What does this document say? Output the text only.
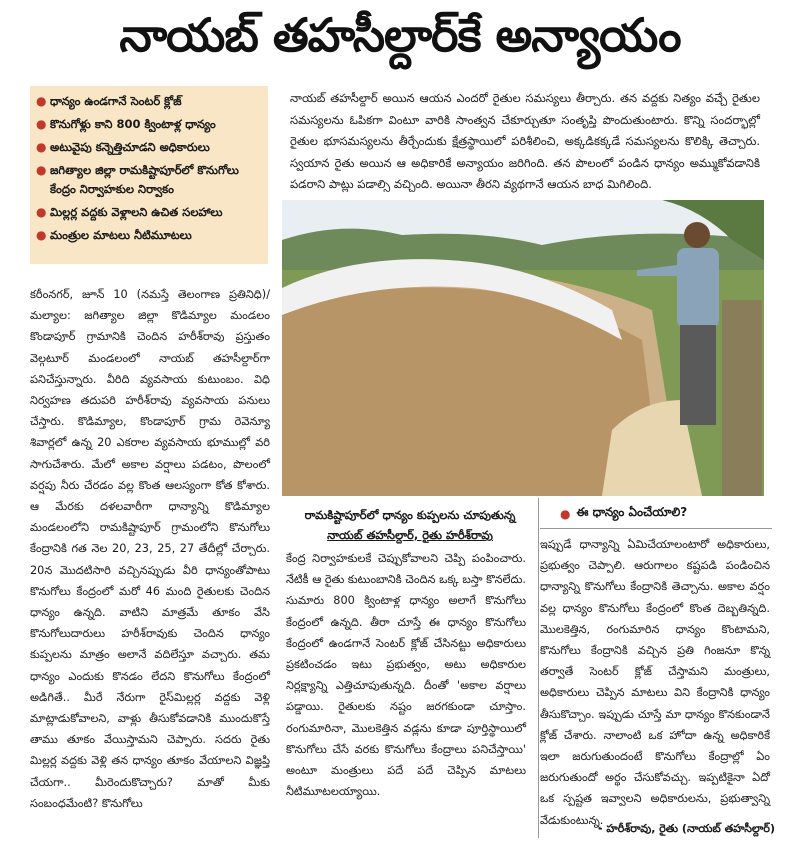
నాయబ్ తహసీల్దార్‌కే అన్యాయం
● ధాన్యం ఉండగానే సెంటర్ క్లోజ్
● కొనుగోళ్లు కాని 800 క్వింటాళ్ల ధాన్యం
● అటువైపు కన్నెత్తిచూడని అధికారులు
● జగిత్యాల జిల్లా రామకిష్టాపూర్‌లో కొనుగోలు కేంద్రం నిర్వాహకుల నిర్వాకం
● మిల్లర్ల వద్దకు వెళ్లాలని ఉచిత సలహాలు
● మంత్రుల మాటలు నీటిమూటలు

నాయబ్ తహసీల్దార్ అయిన ఆయన ఎందరో రైతుల సమస్యలు తీర్చారు. తన వద్దకు నిత్యం వచ్చే రైతుల సమస్యలను ఓపికగా వింటూ వారికి సాంత్వన చేకూర్చుతూ సంతృప్తి పొందుతుంటారు. కొన్ని సందర్భాల్లో రైతుల భూసమస్యలను తీర్చేందుకు క్షేత్రస్థాయిలో పరిశీలించి, అక్కడికక్కడే సమస్యలను కొలిక్కి తెచ్చారు. స్వయాన రైతు అయిన ఆ అధికారికే అన్యాయం జరిగింది. తన పొలంలో పండిన ధాన్యం అమ్ముకోవడానికి పడరాని పాట్లు పడాల్సి వచ్చింది. అయినా తీరని వ్యథగానే ఆయన బాధ మిగిలింది.

కరీంనగర్, జూన్ 10 (నమస్తే తెలంగాణ ప్రతినిధి)/మల్యాల: జగిత్యాల జిల్లా కొడిమ్యాల మండలం కొండాపూర్ గ్రామానికి చెందిన హరీశ్‌రావు ప్రస్తుతం వెల్గటూర్ మండలంలో నాయబ్ తహసీల్దార్‌గా పనిచేస్తున్నారు. వీరిది వ్యవసాయ కుటుంబం. విధి నిర్వహణ తదుపరి హరీశ్‌రావు వ్యవసాయ పనులు చేస్తారు. కొడిమ్యాల, కొండాపూర్ గ్రామ రెవెన్యూ శివార్లలో ఉన్న 20 ఎకరాల వ్యవసాయ భూముల్లో వరి సాగుచేశారు. మేలో అకాల వర్షాలు పడటం, పొలంలో వర్షపు నీరు చేరడం వల్ల కొంత ఆలస్యంగా కోత కోశారు. ఆ మేరకు దళలవారీగా ధాన్యాన్ని కొడిమ్యాల మండలంలోని రామకిష్టాపూర్ గ్రామంలోని కొనుగోలు కేంద్రానికి గత నెల 20, 23, 25, 27 తేదీల్లో చేర్చారు. 20న మొదటిసారి వచ్చినప్పుడు వీరి ధాన్యంతోపాటు కొనుగోలు కేంద్రంలో మరో 46 మంది రైతులకు చెందిన ధాన్యం ఉన్నది. వాటిని మాత్రమే తూకం వేసి కొనుగోలుదారులు హరీశ్‌రావుకు చెందిన ధాన్యం కుప్పలను మాత్రం అలానే వదిలేస్తూ వచ్చారు. తమ ధాన్యం ఎందుకు కొనడం లేదని కొనుగోలు కేంద్రంలో అడిగితే.. మీరే నేరుగా రైస్‌మిల్లర్ల వద్దకు వెళ్లి మాట్లాడుకోవాలని, వాళ్లు తీసుకోవడానికి ముందుకొస్తే తాము తూకం వేయిస్తామని చెప్పారు. సదరు రైతు మిల్లర్ల వద్దకు వెళ్లి తన ధాన్యం తూకం వేయాలని విజ్ఞప్తి చేయగా.. మీరెందుకొచ్చారు? మాతో మీకు సంబంధమేంటి? కొనుగోలు

రామకిష్టాపూర్‌లో ధాన్యం కుప్పలను చూపుతున్న
నాయబ్ తహసీల్దార్, రైతు హరీశ్‌రావు

కేంద్ర నిర్వాహకులకే చెప్పుకోవాలని చెప్పి పంపించారు. నేటికీ ఆ రైతు కుటుంబానికి చెందిన ఒక్క బస్తా కొనలేదు. సుమారు 800 క్వింటాళ్ల ధాన్యం అలాగే కొనుగోలు కేంద్రంలో ఉన్నది. తీరా చూస్తే ఈ ధాన్యం కొనుగోలు కేంద్రంలో ఉండగానే సెంటర్ క్లోజ్ చేసినట్టు అధికారులు ప్రకటించడం ఇటు ప్రభుత్వం, అటు అధికారుల నిర్లక్ష్యాన్ని ఎత్తిచూపుతున్నది. దీంతో 'అకాల వర్షాలు పడ్డాయి. రైతులకు నష్టం జరగకుండా చూస్తాం. రంగుమారినా, మొలకెత్తిన వడ్లను కూడా పూర్తిస్థాయిలో కొనుగోలు చేసే వరకు కొనుగోలు కేంద్రాలు పనిచేస్తాయి' అంటూ మంత్రులు పదే పదే చెప్పిన మాటలు నీటిమూటలయ్యాయి.

● ఈ ధాన్యం ఏంచేయాలి?

ఇప్పుడే ధాన్యాన్ని ఏమిచేయాలంటారో అధికారులు, ప్రభుత్వం చెప్పాలి. ఆరుగాలం కష్టపడి పండించిన ధాన్యాన్ని కొనుగోలు కేంద్రానికి తెచ్చాను. అకాల వర్షం వల్ల ధాన్యం కొనుగోలు కేంద్రంలో కొంత దెబ్బతిన్నది. మొలకెత్తిన, రంగుమారిన ధాన్యం కొంటామని, కొనుగోలు కేంద్రానికి వచ్చిన ప్రతి గింజనూ కొన్న తర్వాతే సెంటర్ క్లోజ్ చేస్తామని మంత్రులు, అధికారులు చెప్పిన మాటలు విని కేంద్రానికి ధాన్యం తీసుకొచ్చాం. ఇప్పుడు చూస్తే మా ధాన్యం కొనకుండానే క్లోజ్ చేశారు. నాలాంటి ఒక హోదా ఉన్న అధికారికే ఇలా జరుగుతుందంటే కొనుగోలు కేంద్రాల్లో ఏం జరుగుతుందో అర్థం చేసుకోవచ్చు. ఇప్పటికైనా ఏదో ఒక స్పష్టత ఇవ్వాలని అధికారులను, ప్రభుత్వాన్ని వేడుకుంటున్న.

- హరీశ్‌రావు, రైతు (నాయబ్ తహసీల్దార్)
